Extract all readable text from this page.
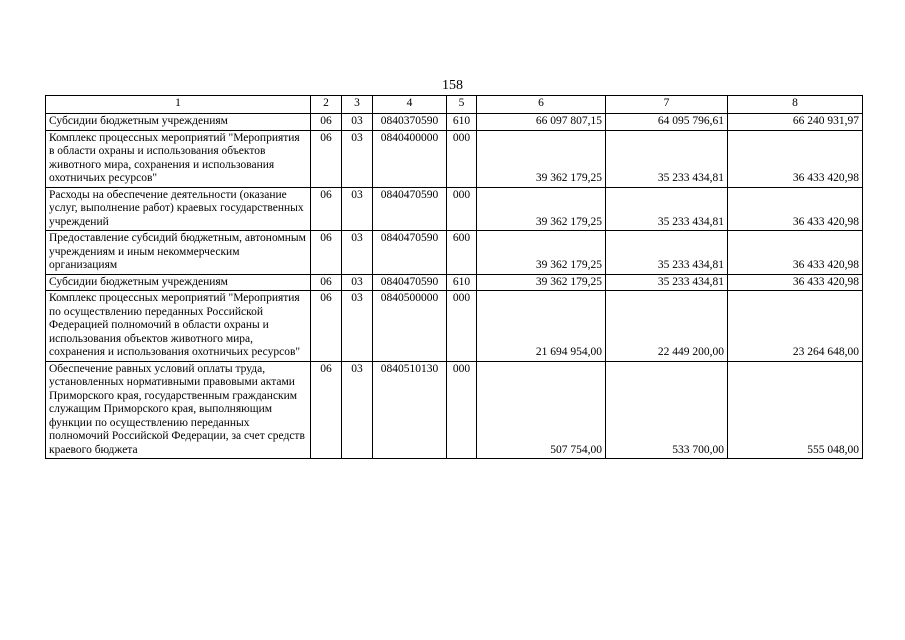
158
1	2	3	4	5	6	7	8
Субсидии бюджетным учреждениям	06	03	0840370590	610	66 097 807,15	64 095 796,61	66 240 931,97
Комплекс процессных мероприятий "Мероприятия в области охраны и использования объектов животного мира, сохранения и использования охотничьих ресурсов"	06	03	0840400000	000	39 362 179,25	35 233 434,81	36 433 420,98
Расходы на обеспечение деятельности (оказание услуг, выполнение работ) краевых государственных учреждений	06	03	0840470590	000	39 362 179,25	35 233 434,81	36 433 420,98
Предоставление субсидий бюджетным, автономным учреждениям и иным некоммерческим организациям	06	03	0840470590	600	39 362 179,25	35 233 434,81	36 433 420,98
Субсидии бюджетным учреждениям	06	03	0840470590	610	39 362 179,25	35 233 434,81	36 433 420,98
Комплекс процессных мероприятий "Мероприятия по осуществлению переданных Российской Федерацией полномочий в области охраны и использования объектов животного мира, сохранения и использования охотничьих ресурсов"	06	03	0840500000	000	21 694 954,00	22 449 200,00	23 264 648,00
Обеспечение равных условий оплаты труда, установленных нормативными правовыми актами Приморского края, государственным гражданским служащим Приморского края, выполняющим функции по осуществлению переданных полномочий Российской Федерации, за счет средств краевого бюджета	06	03	0840510130	000	507 754,00	533 700,00	555 048,00
